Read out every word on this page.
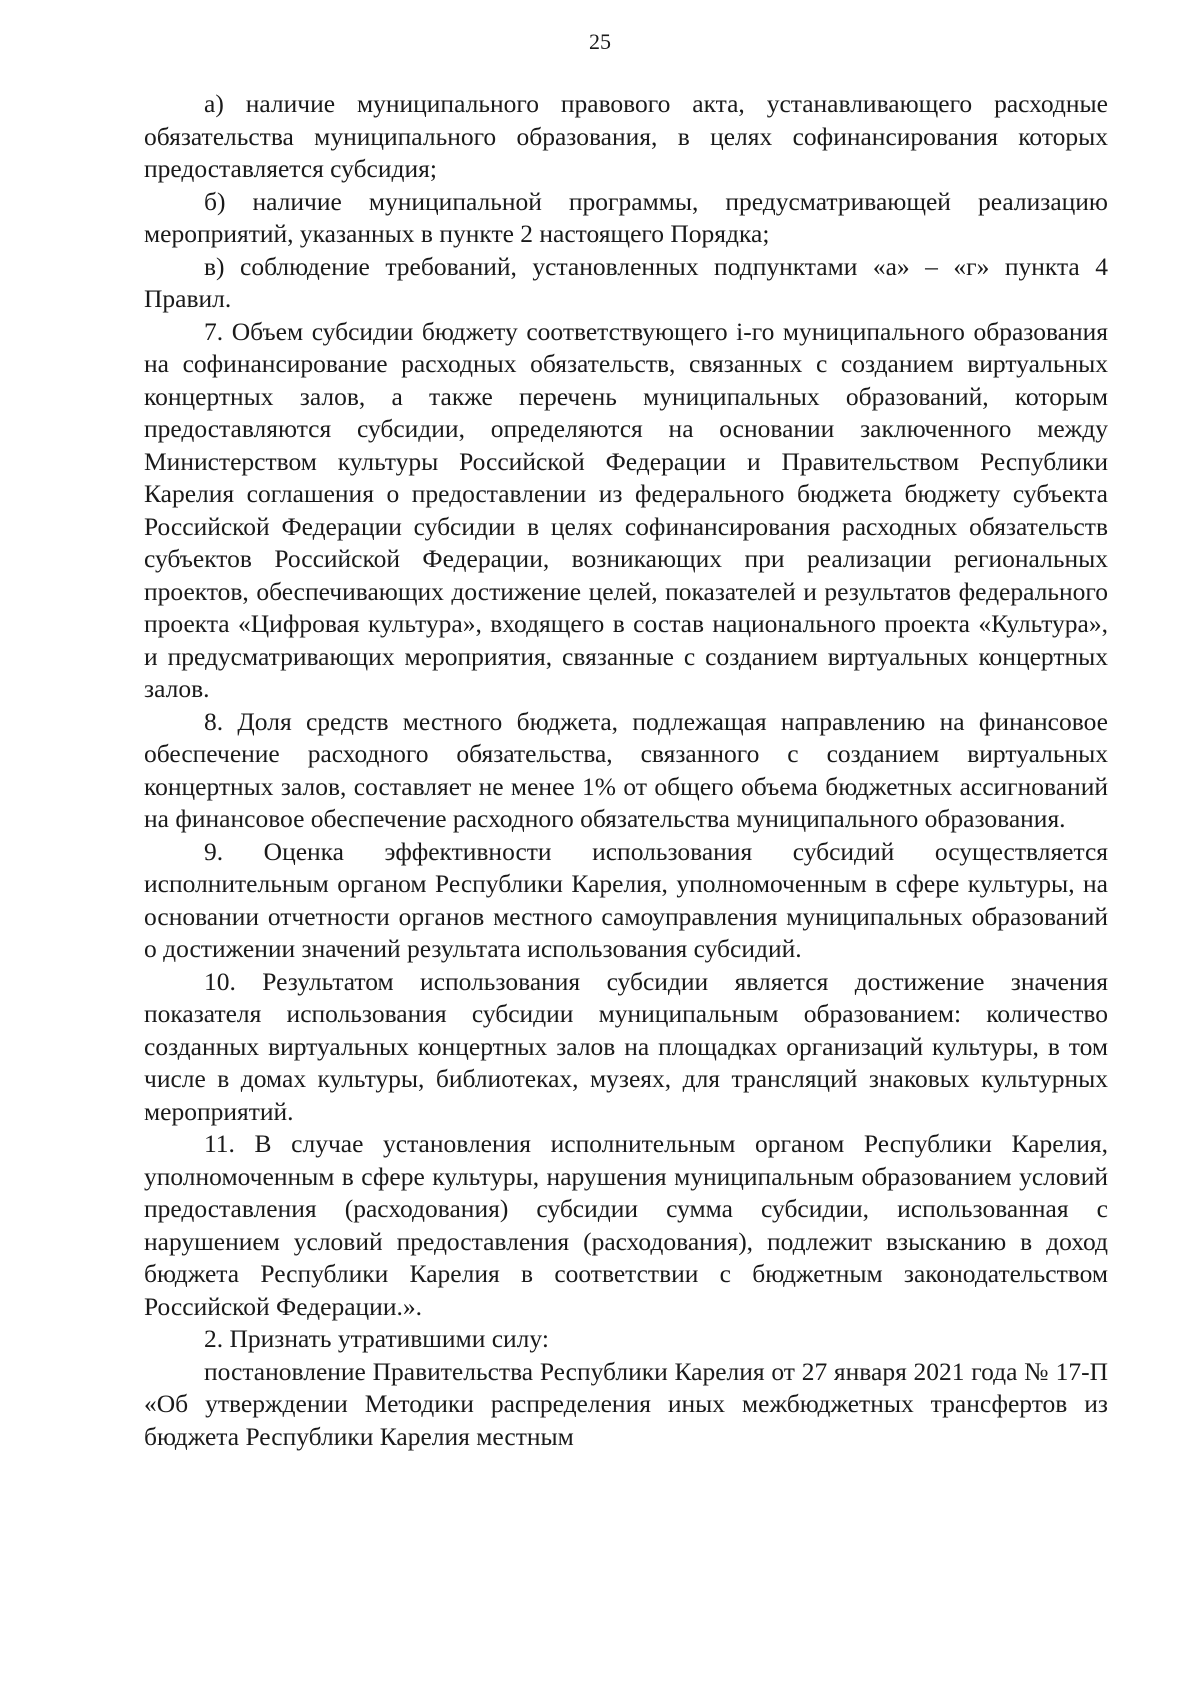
25

а) наличие муниципального правового акта, устанавливающего расходные обязательства муниципального образования, в целях софинансирования которых предоставляется субсидия;

б) наличие муниципальной программы, предусматривающей реализацию мероприятий, указанных в пункте 2 настоящего Порядка;

в) соблюдение требований, установленных подпунктами «а» – «г» пункта 4 Правил.

7. Объем субсидии бюджету соответствующего i-го муниципального образования на софинансирование расходных обязательств, связанных с созданием виртуальных концертных залов, а также перечень муниципальных образований, которым предоставляются субсидии, определяются на основании заключенного между Министерством культуры Российской Федерации и Правительством Республики Карелия соглашения о предоставлении из федерального бюджета бюджету субъекта Российской Федерации субсидии в целях софинансирования расходных обязательств субъектов Российской Федерации, возникающих при реализации региональных проектов, обеспечивающих достижение целей, показателей и результатов федерального проекта «Цифровая культура», входящего в состав национального проекта «Культура», и предусматривающих мероприятия, связанные с созданием виртуальных концертных залов.

8. Доля средств местного бюджета, подлежащая направлению на финансовое обеспечение расходного обязательства, связанного с созданием виртуальных концертных залов, составляет не менее 1% от общего объема бюджетных ассигнований на финансовое обеспечение расходного обязательства муниципального образования.

9. Оценка эффективности использования субсидий осуществляется исполнительным органом Республики Карелия, уполномоченным в сфере культуры, на основании отчетности органов местного самоуправления муниципальных образований о достижении значений результата использования субсидий.

10. Результатом использования субсидии является достижение значения показателя использования субсидии муниципальным образованием: количество созданных виртуальных концертных залов на площадках организаций культуры, в том числе в домах культуры, библиотеках, музеях, для трансляций знаковых культурных мероприятий.

11. В случае установления исполнительным органом Республики Карелия, уполномоченным в сфере культуры, нарушения муниципальным образованием условий предоставления (расходования) субсидии сумма субсидии, использованная с нарушением условий предоставления (расходования), подлежит взысканию в доход бюджета Республики Карелия в соответствии с бюджетным законодательством Российской Федерации.».

2. Признать утратившими силу:

постановление Правительства Республики Карелия от 27 января 2021 года № 17-П «Об утверждении Методики распределения иных межбюджетных трансфертов из бюджета Республики Карелия местным
